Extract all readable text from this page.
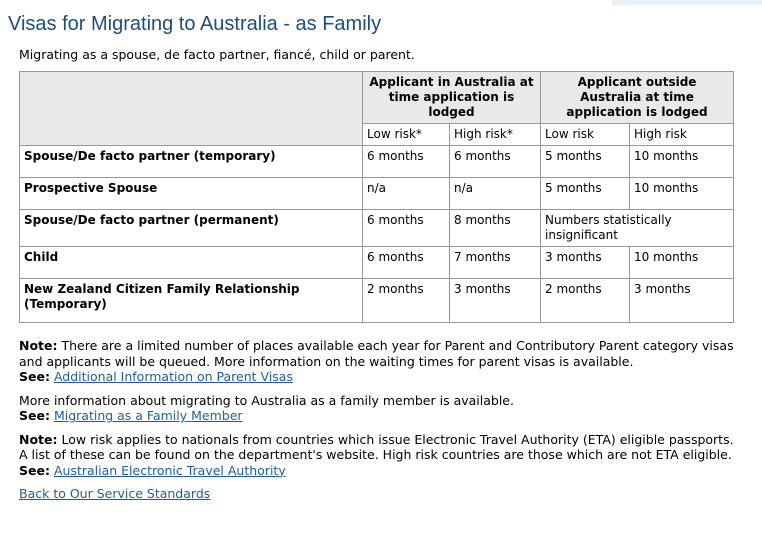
Visas for Migrating to Australia - as Family

Migrating as a spouse, de facto partner, fiancé, child or parent.

	Applicant in Australia at time application is lodged		Applicant outside Australia at time application is lodged	
	Low risk*	High risk*	Low risk	High risk
Spouse/De facto partner (temporary)	6 months	6 months	5 months	10 months
Prospective Spouse	n/a	n/a	5 months	10 months
Spouse/De facto partner (permanent)	6 months	8 months	Numbers statistically insignificant	
Child	6 months	7 months	3 months	10 months
New Zealand Citizen Family Relationship (Temporary)	2 months	3 months	2 months	3 months

Note: There are a limited number of places available each year for Parent and Contributory Parent category visas and applicants will be queued. More information on the waiting times for parent visas is available.
See: Additional Information on Parent Visas

More information about migrating to Australia as a family member is available.
See: Migrating as a Family Member

Note: Low risk applies to nationals from countries which issue Electronic Travel Authority (ETA) eligible passports. A list of these can be found on the department's website. High risk countries are those which are not ETA eligible.
See: Australian Electronic Travel Authority

Back to Our Service Standards
